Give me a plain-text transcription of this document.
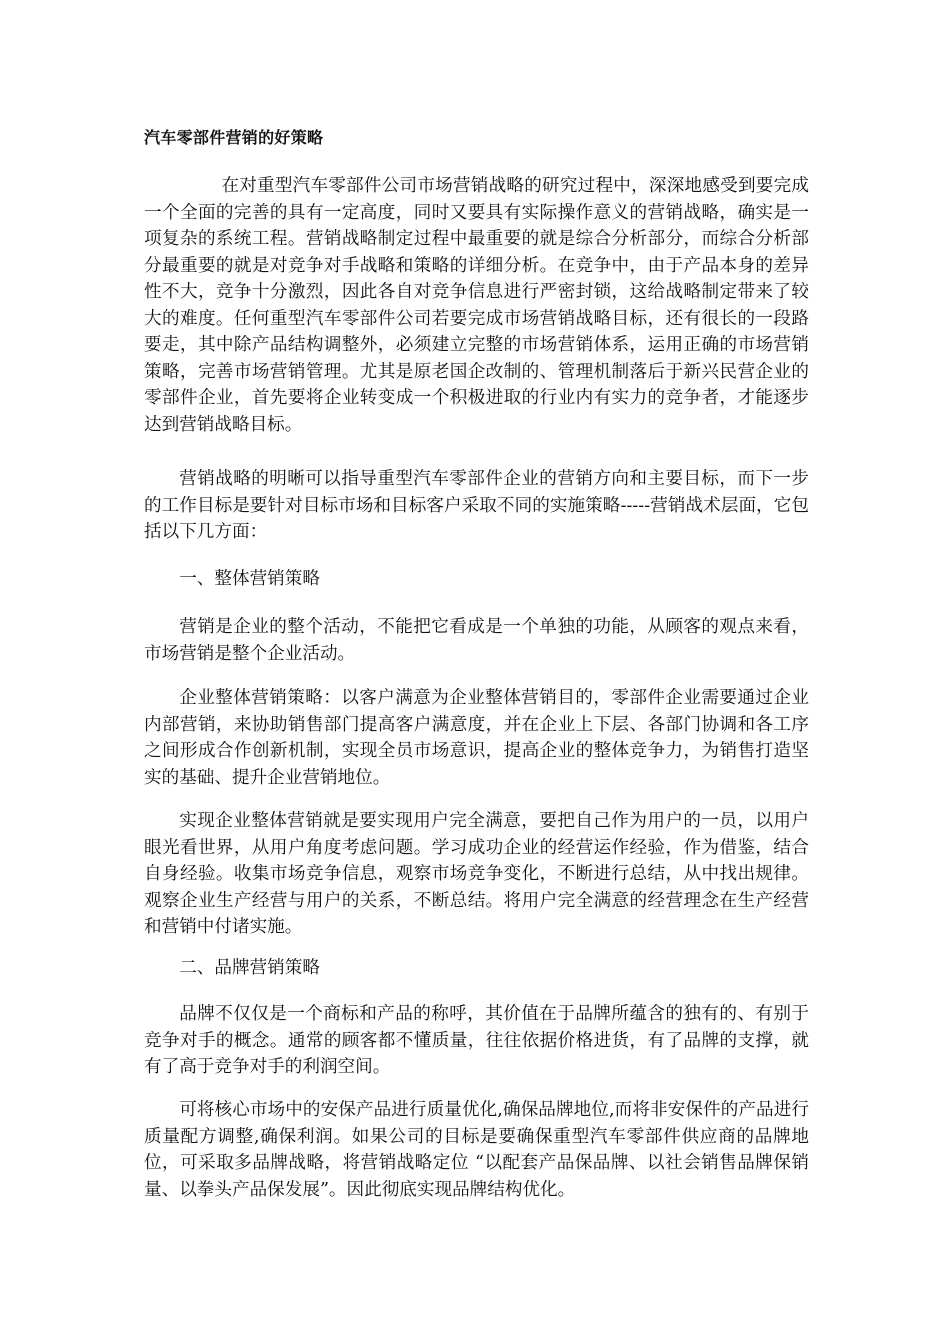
汽车零部件营销的好策略

在对重型汽车零部件公司市场营销战略的研究过程中，深深地感受到要完成一个全面的完善的具有一定高度，同时又要具有实际操作意义的营销战略，确实是一项复杂的系统工程。营销战略制定过程中最重要的就是综合分析部分，而综合分析部分最重要的就是对竞争对手战略和策略的详细分析。在竞争中，由于产品本身的差异性不大，竞争十分激烈，因此各自对竞争信息进行严密封锁，这给战略制定带来了较大的难度。任何重型汽车零部件公司若要完成市场营销战略目标，还有很长的一段路要走，其中除产品结构调整外，必须建立完整的市场营销体系，运用正确的市场营销策略，完善市场营销管理。尤其是原老国企改制的、管理机制落后于新兴民营企业的零部件企业，首先要将企业转变成一个积极进取的行业内有实力的竞争者，才能逐步达到营销战略目标。

营销战略的明晰可以指导重型汽车零部件企业的营销方向和主要目标，而下一步的工作目标是要针对目标市场和目标客户采取不同的实施策略-----营销战术层面，它包括以下几方面：

一、整体营销策略

营销是企业的整个活动，不能把它看成是一个单独的功能，从顾客的观点来看，市场营销是整个企业活动。

企业整体营销策略：以客户满意为企业整体营销目的，零部件企业需要通过企业内部营销，来协助销售部门提高客户满意度，并在企业上下层、各部门协调和各工序之间形成合作创新机制，实现全员市场意识，提高企业的整体竞争力，为销售打造坚实的基础、提升企业营销地位。

实现企业整体营销就是要实现用户完全满意，要把自己作为用户的一员，以用户眼光看世界，从用户角度考虑问题。学习成功企业的经营运作经验，作为借鉴，结合自身经验。收集市场竞争信息，观察市场竞争变化，不断进行总结，从中找出规律。观察企业生产经营与用户的关系，不断总结。将用户完全满意的经营理念在生产经营和营销中付诸实施。

二、品牌营销策略

品牌不仅仅是一个商标和产品的称呼，其价值在于品牌所蕴含的独有的、有别于竞争对手的概念。通常的顾客都不懂质量，往往依据价格进货，有了品牌的支撑，就有了高于竞争对手的利润空间。

可将核心市场中的安保产品进行质量优化,确保品牌地位,而将非安保件的产品进行质量配方调整,确保利润。如果公司的目标是要确保重型汽车零部件供应商的品牌地位，可采取多品牌战略，将营销战略定位 “以配套产品保品牌、以社会销售品牌保销量、以拳头产品保发展”。因此彻底实现品牌结构优化。
